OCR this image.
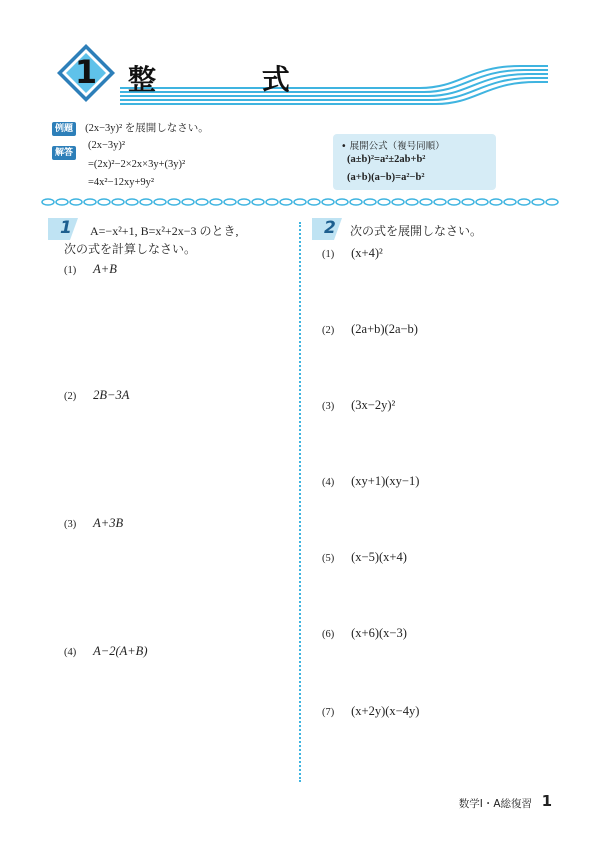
1	整 式
例題 (2x−3y)² を展開しなさい。
解答
(2x−3y)²
=(2x)²−2×2x×3y+(3y)²
=4x²−12xy+9y²
• 展開公式（複号同順）
(a±b)²=a²±2ab+b²
(a+b)(a−b)=a²−b²
1 A=−x²+1, B=x²+2x−3 のとき,
次の式を計算しなさい。
(1) A+B
(2) 2B−3A
(3) A+3B
(4) A−2(A+B)
2 次の式を展開しなさい。
(1) (x+4)²
(2) (2a+b)(2a−b)
(3) (3x−2y)²
(4) (xy+1)(xy−1)
(5) (x−5)(x+4)
(6) (x+6)(x−3)
(7) (x+2y)(x−4y)
数学Ⅰ・A総復習 1
